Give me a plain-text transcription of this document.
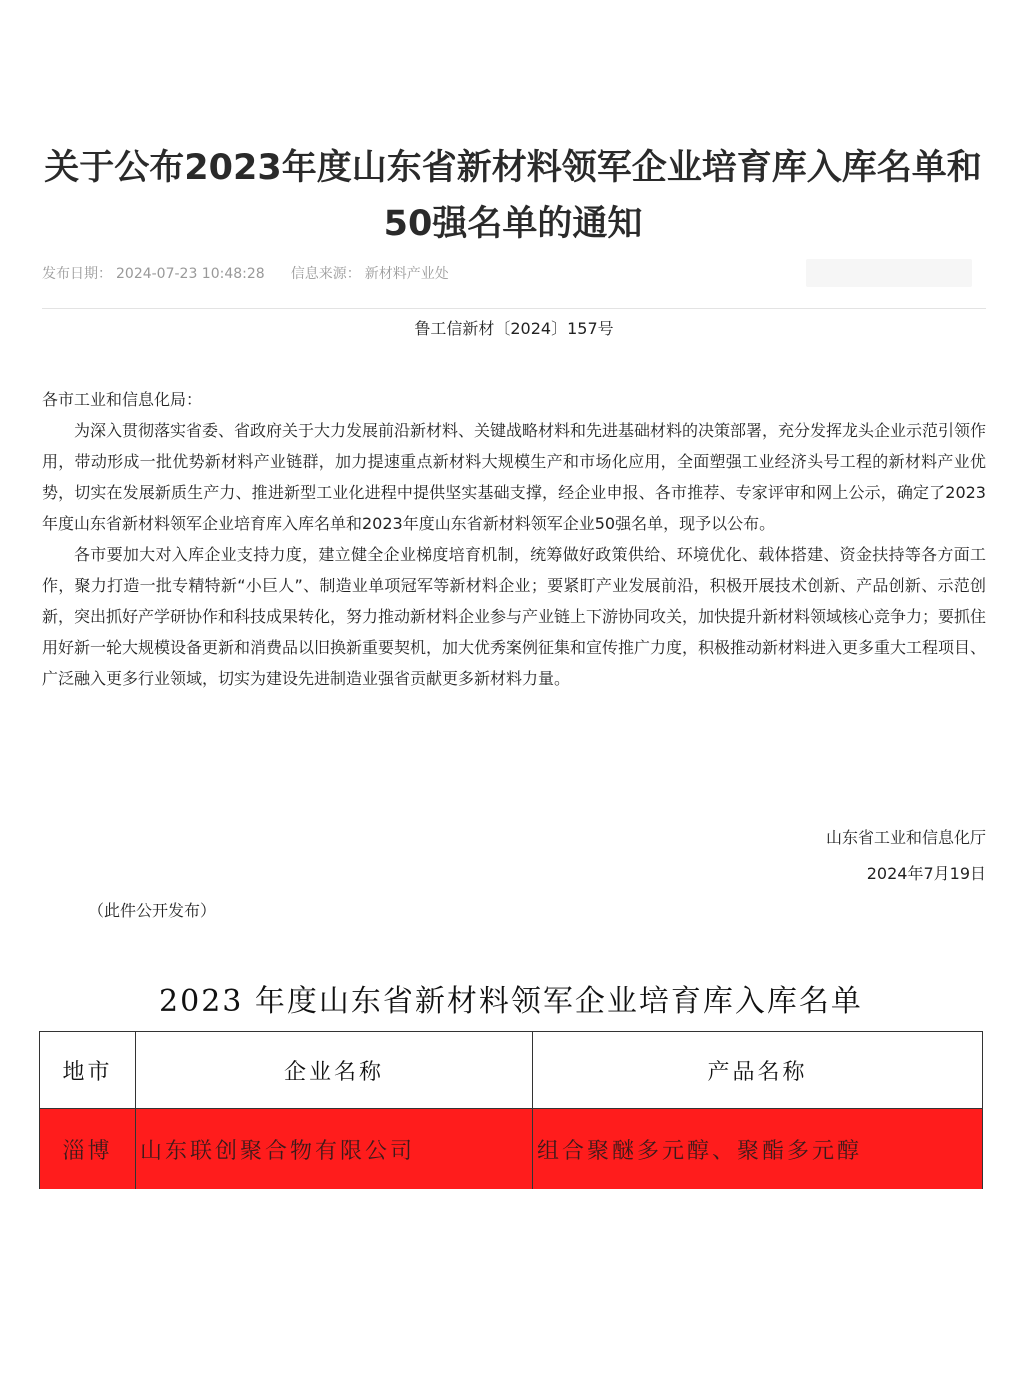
关于公布2023年度山东省新材料领军企业培育库入库名单和50强名单的通知
发布日期： 2024-07-23 10:48:28 信息来源： 新材料产业处
鲁工信新材〔2024〕157号

各市工业和信息化局：

为深入贯彻落实省委、省政府关于大力发展前沿新材料、关键战略材料和先进基础材料的决策部署，充分发挥龙头企业示范引领作用，带动形成一批优势新材料产业链群，加力提速重点新材料大规模生产和市场化应用，全面塑强工业经济头号工程的新材料产业优势，切实在发展新质生产力、推进新型工业化进程中提供坚实基础支撑，经企业申报、各市推荐、专家评审和网上公示，确定了2023年度山东省新材料领军企业培育库入库名单和2023年度山东省新材料领军企业50强名单，现予以公布。

各市要加大对入库企业支持力度，建立健全企业梯度培育机制，统筹做好政策供给、环境优化、载体搭建、资金扶持等各方面工作，聚力打造一批专精特新“小巨人”、制造业单项冠军等新材料企业；要紧盯产业发展前沿，积极开展技术创新、产品创新、示范创新，突出抓好产学研协作和科技成果转化，努力推动新材料企业参与产业链上下游协同攻关，加快提升新材料领域核心竞争力；要抓住用好新一轮大规模设备更新和消费品以旧换新重要契机，加大优秀案例征集和宣传推广力度，积极推动新材料进入更多重大工程项目、广泛融入更多行业领域，切实为建设先进制造业强省贡献更多新材料力量。

山东省工业和信息化厅
2024年7月19日
（此件公开发布）
2023 年度山东省新材料领军企业培育库入库名单
地市	企业名称	产品名称
淄博	山东联创聚合物有限公司	组合聚醚多元醇、聚酯多元醇
